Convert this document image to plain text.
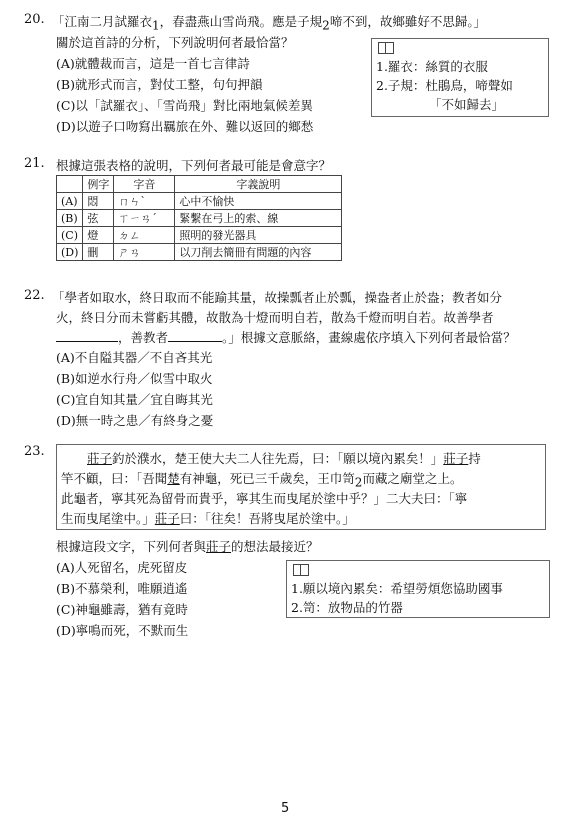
20. 「江南二月試羅衣$_1$，春盡燕山雪尚飛。應是子規$_2$啼不到，故鄉雖好不思歸。」
關於這首詩的分析，下列說明何者最恰當？
(A)就體裁而言，這是一首七言律詩
(B)就形式而言，對仗工整，句句押韻
(C)以「試羅衣」、「雪尚飛」對比兩地氣候差異
(D)以遊子口吻寫出羈旅在外、難以返回的鄉愁
1.羅衣：絲質的衣服
2.子規：杜鵑鳥，啼聲如
「不如歸去」
21. 根據這張表格的說明，下列何者最可能是會意字？
	例字	字音	字義說明
(A)	悶	ㄇㄣˋ	心中不愉快
(B)	弦	ㄒㄧㄢˊ	緊繫在弓上的索、線
(C)	燈	ㄉㄥ	照明的發光器具
(D)	刪	ㄕㄢ	以刀削去簡冊有問題的內容
22. 「學者如取水，終日取而不能踰其量，故操瓢者止於瓢，操盎者止於盎；教者如分
火，終日分而未嘗虧其體，故散為十燈而明自若，散為千燈而明自若。故善學者
，善教者	。」根據文意脈絡，畫線處依序填入下列何者最恰當？
(A)不自隘其器／不自吝其光
(B)如逆水行舟／似雪中取火
(C)宜自知其量／宜自晦其光
(D)無一時之患／有終身之憂
23.	莊子釣於濮水，楚王使大夫二人往先焉，曰：「願以境內累矣！」莊子持
竿不顧，曰：「吾聞楚有神龜，死已三千歲矣，王巾笥$_2$而藏之廟堂之上。
此龜者，寧其死為留骨而貴乎，寧其生而曳尾於塗中乎？」二大夫曰：「寧
生而曳尾塗中。」莊子曰：「往矣！吾將曳尾於塗中。」
根據這段文字，下列何者與莊子的想法最接近？
(A)人死留名，虎死留皮
(B)不慕榮利，唯願逍遙
(C)神龜雖壽，猶有竟時
(D)寧鳴而死，不默而生
1.願以境內累矣：希望勞煩您協助國事
2.笥：放物品的竹器
5
